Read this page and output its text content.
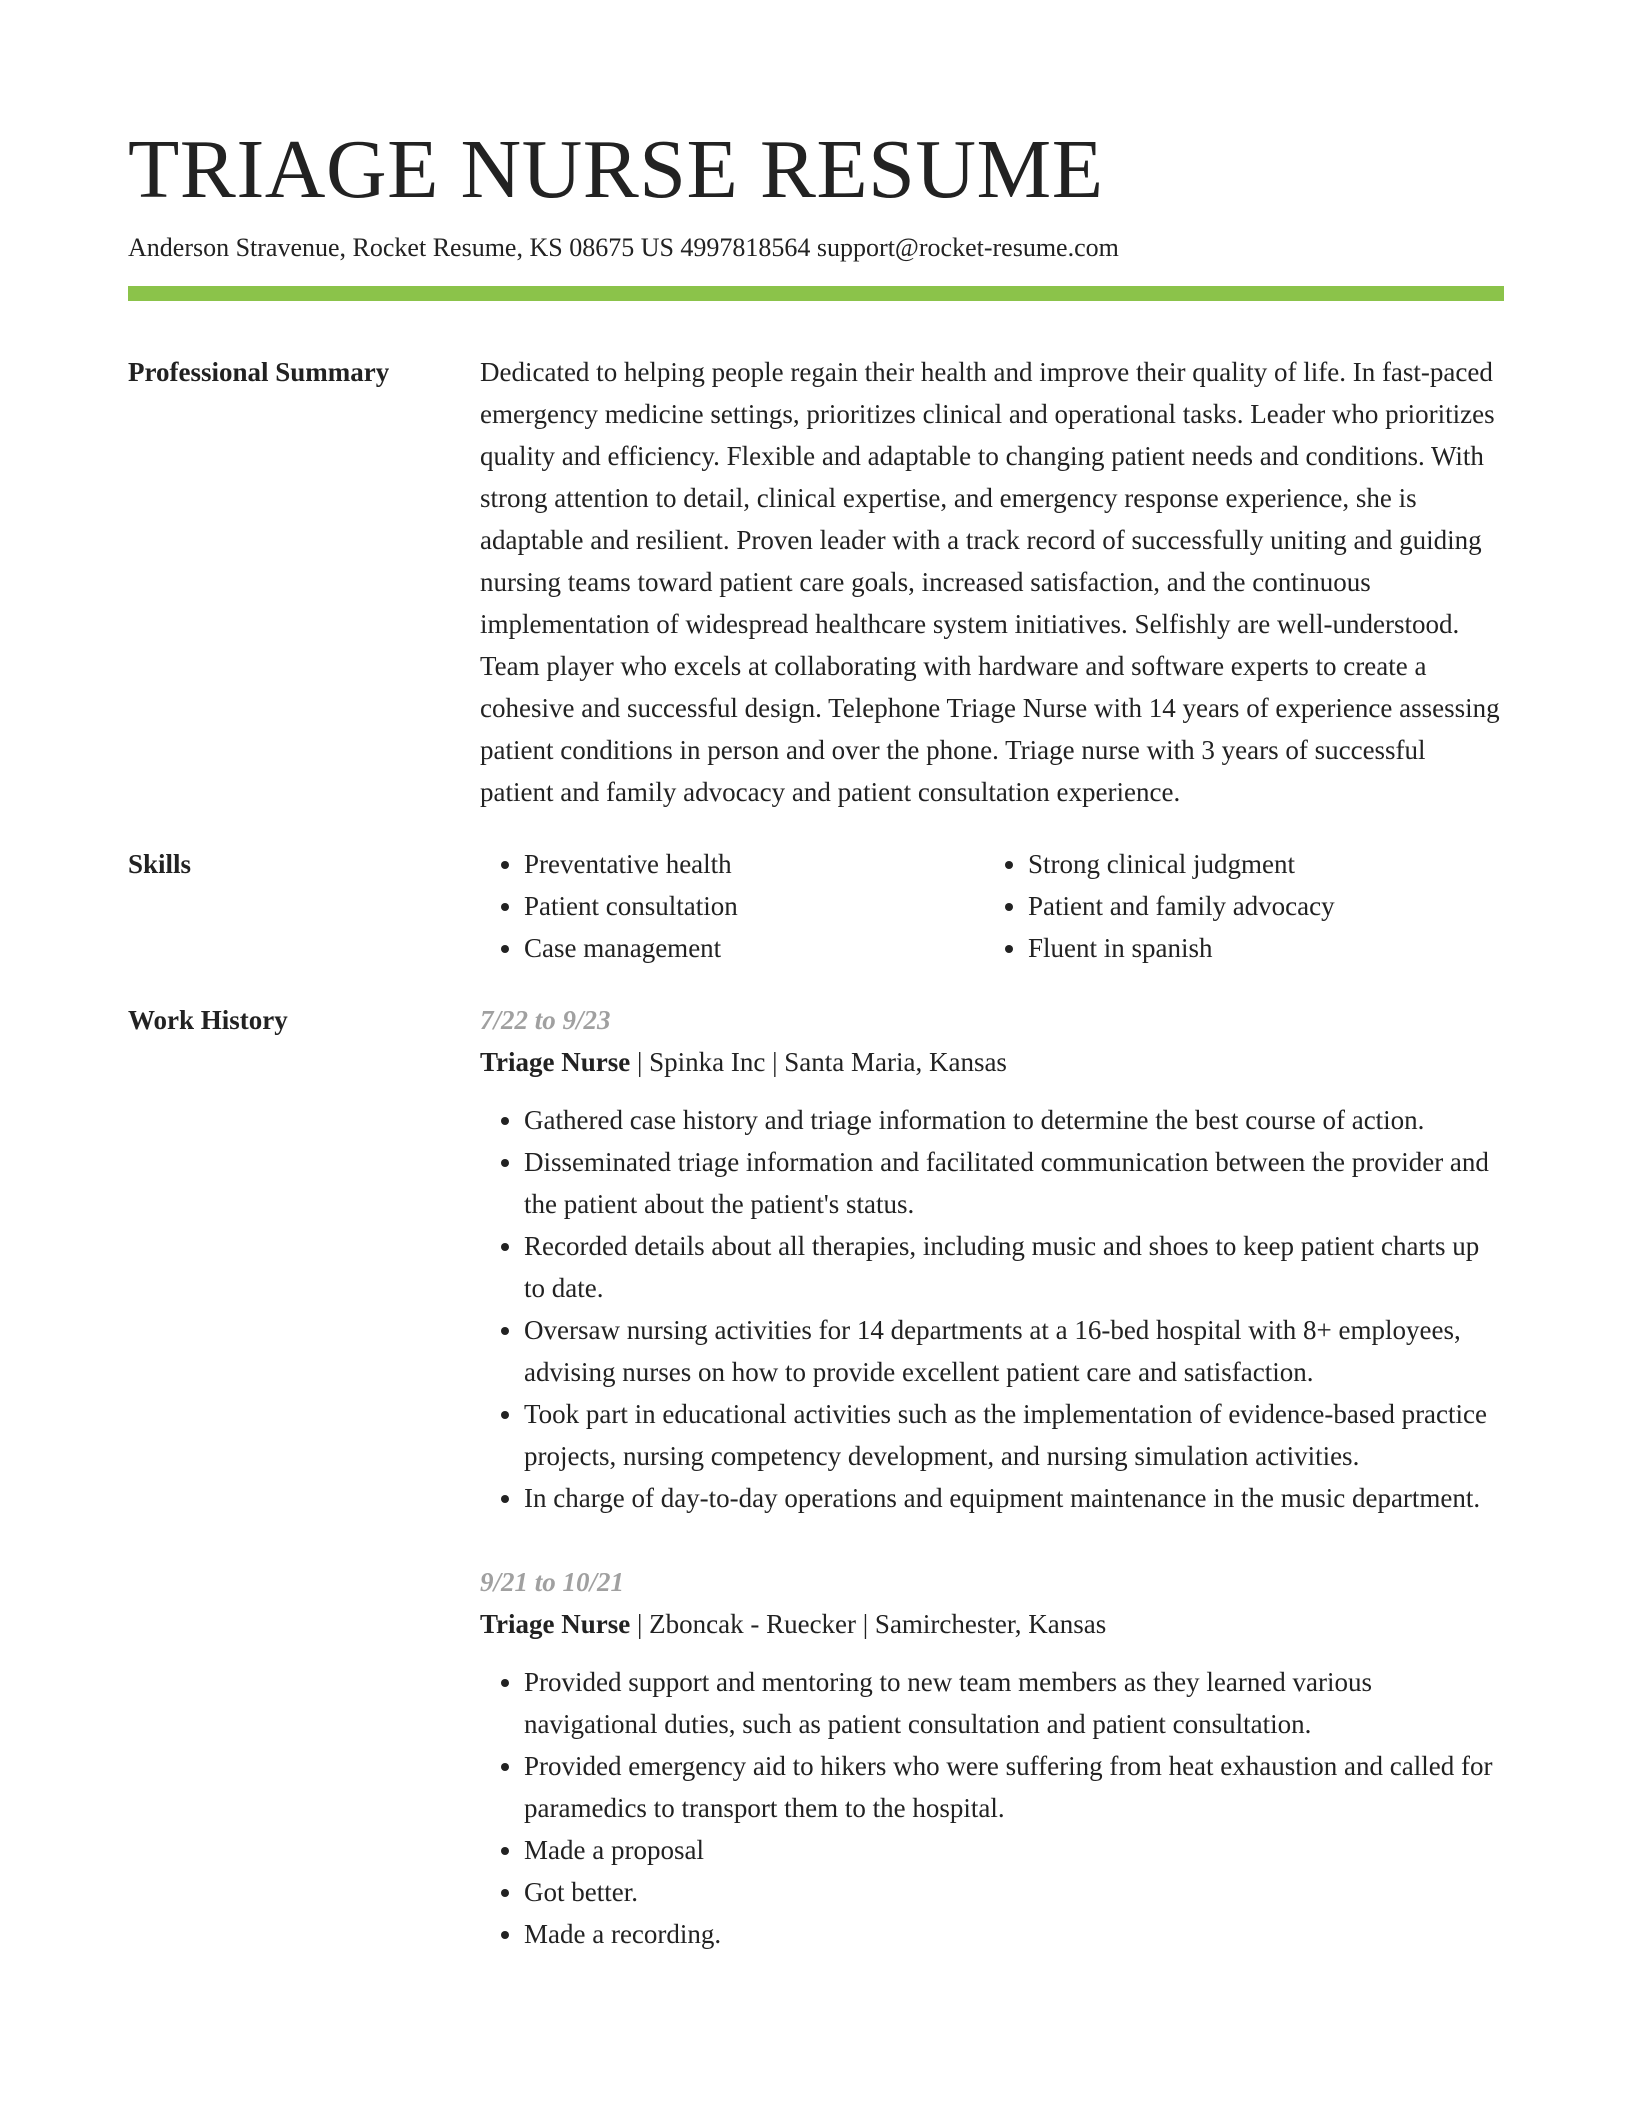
TRIAGE NURSE RESUME
Anderson Stravenue, Rocket Resume, KS 08675 US 4997818564 support@rocket-resume.com
Professional Summary	Dedicated to helping people regain their health and improve their quality of life. In fast-paced emergency medicine settings, prioritizes clinical and operational tasks. Leader who prioritizes quality and efficiency. Flexible and adaptable to changing patient needs and conditions. With strong attention to detail, clinical expertise, and emergency response experience, she is adaptable and resilient. Proven leader with a track record of successfully uniting and guiding nursing teams toward patient care goals, increased satisfaction, and the continuous implementation of widespread healthcare system initiatives. Selfishly are well-understood. Team player who excels at collaborating with hardware and software experts to create a cohesive and successful design. Telephone Triage Nurse with 14 years of experience assessing patient conditions in person and over the phone. Triage nurse with 3 years of successful patient and family advocacy and patient consultation experience.

Skills
•	Preventative health
• Patient consultation
• Case management
• Strong clinical judgment
• Patient and family advocacy
• Fluent in spanish
Work History	7/22 to 9/23

Triage Nurse | Spinka Inc | Santa Maria, Kansas

• Gathered case history and triage information to determine the best course of action.
• Disseminated triage information and facilitated communication between the provider and the patient about the patient's status.
• Recorded details about all therapies, including music and shoes to keep patient charts up to date.
• Oversaw nursing activities for 14 departments at a 16-bed hospital with 8+ employees, advising nurses on how to provide excellent patient care and satisfaction.
• Took part in educational activities such as the implementation of evidence-based practice projects, nursing competency development, and nursing simulation activities.
• In charge of day-to-day operations and equipment maintenance in the music department.
9/21 to 10/21

Triage Nurse | Zboncak - Ruecker | Samirchester, Kansas

• Provided support and mentoring to new team members as they learned various navigational duties, such as patient consultation and patient consultation.
• Provided emergency aid to hikers who were suffering from heat exhaustion and called for paramedics to transport them to the hospital.
• Made a proposal
• Got better.
• Made a recording.
